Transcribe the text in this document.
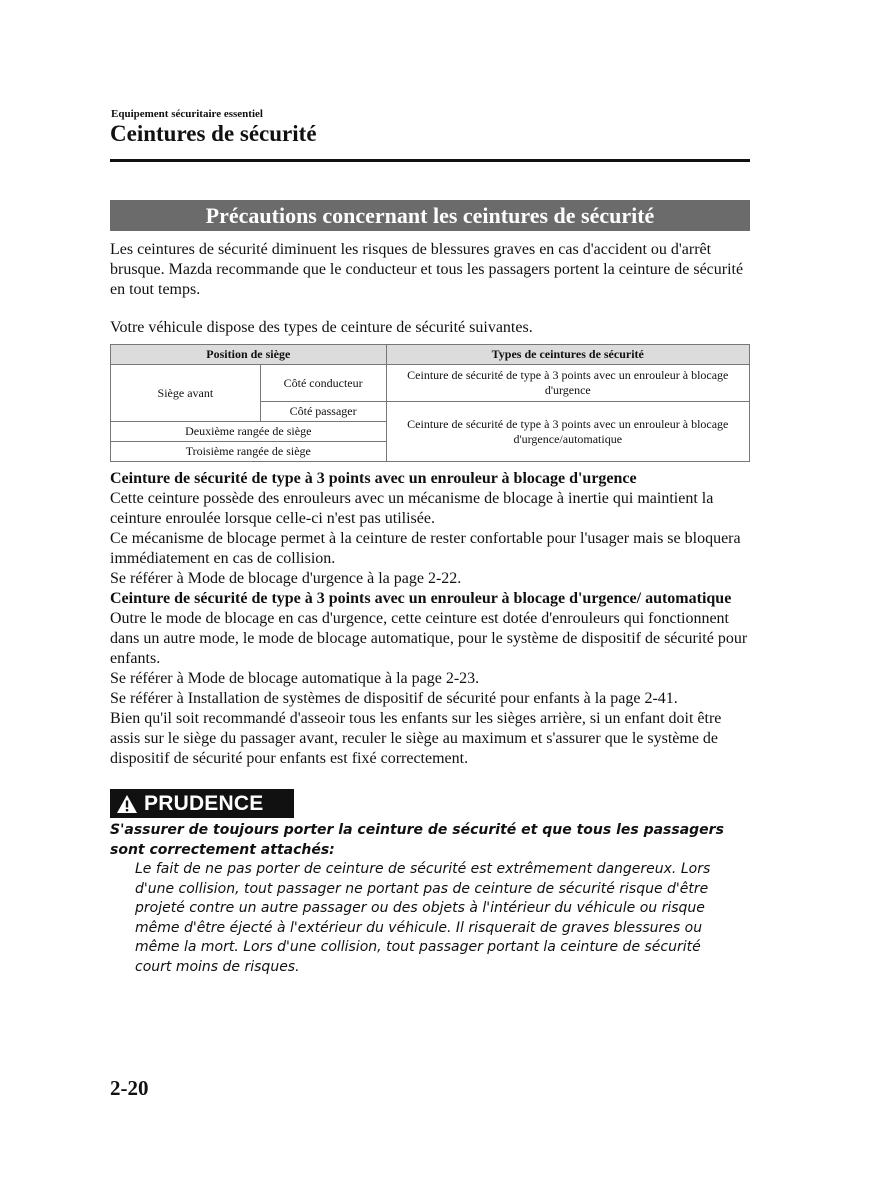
Equipement sécuritaire essentiel
Ceintures de sécurité
Précautions concernant les ceintures de sécurité

Les ceintures de sécurité diminuent les risques de blessures graves en cas d'accident ou d'arrêt brusque. Mazda recommande que le conducteur et tous les passagers portent la ceinture de sécurité en tout temps.

Votre véhicule dispose des types de ceinture de sécurité suivantes.

Position de siège		Types de ceintures de sécurité
Siège avant	Côté conducteur	Ceinture de sécurité de type à 3 points avec un enrouleur à blocage d'urgence
	Côté passager	Ceinture de sécurité de type à 3 points avec un enrouleur à blocage d'urgence/automatique
Deuxième rangée de siège		
Troisième rangée de siège		

Ceinture de sécurité de type à 3 points avec un enrouleur à blocage d'urgence

Cette ceinture possède des enrouleurs avec un mécanisme de blocage à inertie qui maintient la ceinture enroulée lorsque celle-ci n'est pas utilisée.

Ce mécanisme de blocage permet à la ceinture de rester confortable pour l'usager mais se bloquera immédiatement en cas de collision.

Se référer à Mode de blocage d'urgence à la page 2-22.

Ceinture de sécurité de type à 3 points avec un enrouleur à blocage d'urgence/ automatique

Outre le mode de blocage en cas d'urgence, cette ceinture est dotée d'enrouleurs qui fonctionnent dans un autre mode, le mode de blocage automatique, pour le système de dispositif de sécurité pour enfants.

Se référer à Mode de blocage automatique à la page 2-23.

Se référer à Installation de systèmes de dispositif de sécurité pour enfants à la page 2-41.

Bien qu'il soit recommandé d'asseoir tous les enfants sur les sièges arrière, si un enfant doit être assis sur le siège du passager avant, reculer le siège au maximum et s'assurer que le système de dispositif de sécurité pour enfants est fixé correctement.

PRUDENCE
S'assurer de toujours porter la ceinture de sécurité et que tous les passagers sont correctement attachés:
Le fait de ne pas porter de ceinture de sécurité est extrêmement dangereux. Lors d'une collision, tout passager ne portant pas de ceinture de sécurité risque d'être projeté contre un autre passager ou des objets à l'intérieur du véhicule ou risque même d'être éjecté à l'extérieur du véhicule. Il risquerait de graves blessures ou même la mort. Lors d'une collision, tout passager portant la ceinture de sécurité court moins de risques.
2-20
